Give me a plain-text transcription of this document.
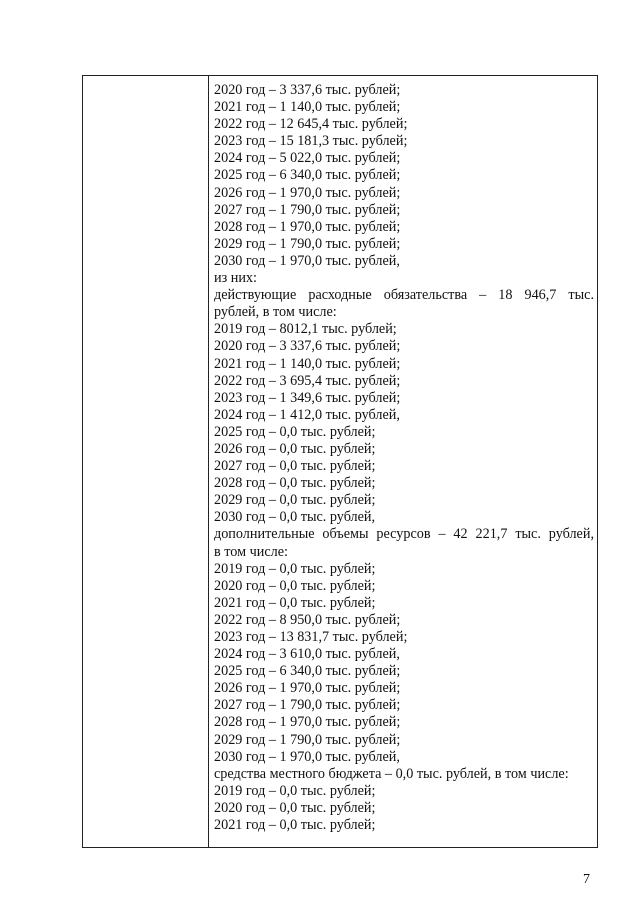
2020 год – 3 337,6 тыс. рублей;
2021 год – 1 140,0 тыс. рублей;
2022 год – 12 645,4 тыс. рублей;
2023 год – 15 181,3 тыс. рублей;
2024 год – 5 022,0 тыс. рублей;
2025 год – 6 340,0 тыс. рублей;
2026 год – 1 970,0 тыс. рублей;
2027 год – 1 790,0 тыс. рублей;
2028 год – 1 970,0 тыс. рублей;
2029 год – 1 790,0 тыс. рублей;
2030 год – 1 970,0 тыс. рублей,
из них:
действующие расходные обязательства – 18 946,7 тыс.
рублей, в том числе:
2019 год – 8012,1 тыс. рублей;
2020 год – 3 337,6 тыс. рублей;
2021 год – 1 140,0 тыс. рублей;
2022 год – 3 695,4 тыс. рублей;
2023 год – 1 349,6 тыс. рублей;
2024 год – 1 412,0 тыс. рублей,
2025 год – 0,0 тыс. рублей;
2026 год – 0,0 тыс. рублей;
2027 год – 0,0 тыс. рублей;
2028 год – 0,0 тыс. рублей;
2029 год – 0,0 тыс. рублей;
2030 год – 0,0 тыс. рублей,
дополнительные объемы ресурсов – 42 221,7 тыс. рублей,
в том числе:
2019 год – 0,0 тыс. рублей;
2020 год – 0,0 тыс. рублей;
2021 год – 0,0 тыс. рублей;
2022 год – 8 950,0 тыс. рублей;
2023 год – 13 831,7 тыс. рублей;
2024 год – 3 610,0 тыс. рублей,
2025 год – 6 340,0 тыс. рублей;
2026 год – 1 970,0 тыс. рублей;
2027 год – 1 790,0 тыс. рублей;
2028 год – 1 970,0 тыс. рублей;
2029 год – 1 790,0 тыс. рублей;
2030 год – 1 970,0 тыс. рублей,
средства местного бюджета – 0,0 тыс. рублей, в том числе:
2019 год – 0,0 тыс. рублей;
2020 год – 0,0 тыс. рублей;
2021 год – 0,0 тыс. рублей;
7
